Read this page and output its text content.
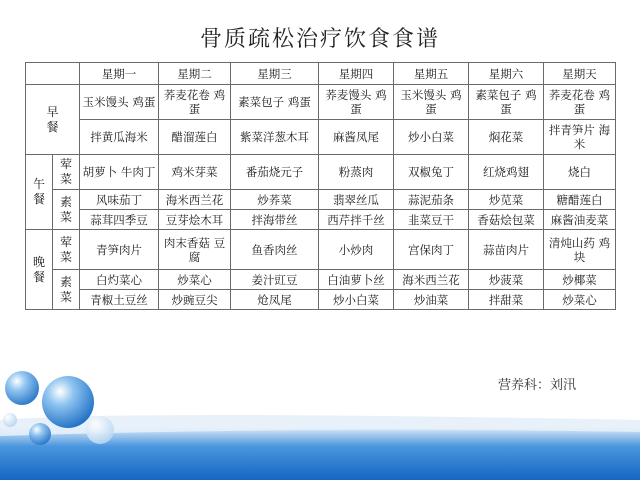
骨质疏松治疗饮食食谱
		星期一	星期二	星期三	星期四	星期五	星期六	星期天
早餐		玉米馒头 鸡蛋	荞麦花卷 鸡蛋	素菜包子 鸡蛋	荞麦馒头 鸡蛋	玉米馒头 鸡蛋	素菜包子 鸡蛋	荞麦花卷 鸡蛋
		拌黄瓜海米	醋溜莲白	紫菜洋葱木耳	麻酱凤尾	炒小白菜	焖花菜	拌青笋片 海米
午餐	荤菜	胡萝卜 牛肉丁	鸡米芽菜	番茄烧元子	粉蒸肉	双椒兔丁	红烧鸡翅	烧白
	素菜	风味茄丁	海米西兰花	炒荞菜	翡翠丝瓜	蒜泥茄条	炒苋菜	糖醋莲白
		蒜茸四季豆	豆芽烩木耳	拌海带丝	西芹拌千丝	韭菜豆干	香菇烩包菜	麻酱油麦菜
晚餐	荤菜	青笋肉片	肉末香菇 豆腐	鱼香肉丝	小炒肉	宫保肉丁	蒜苗肉片	清炖山药 鸡块
	素菜	白灼菜心	炒菜心	姜汁豇豆	白油萝卜丝	海米西兰花	炒菠菜	炒椰菜
		青椒土豆丝	炒豌豆尖	炝凤尾	炒小白菜	炒油菜	拌甜菜	炒菜心
营养科：刘汛
